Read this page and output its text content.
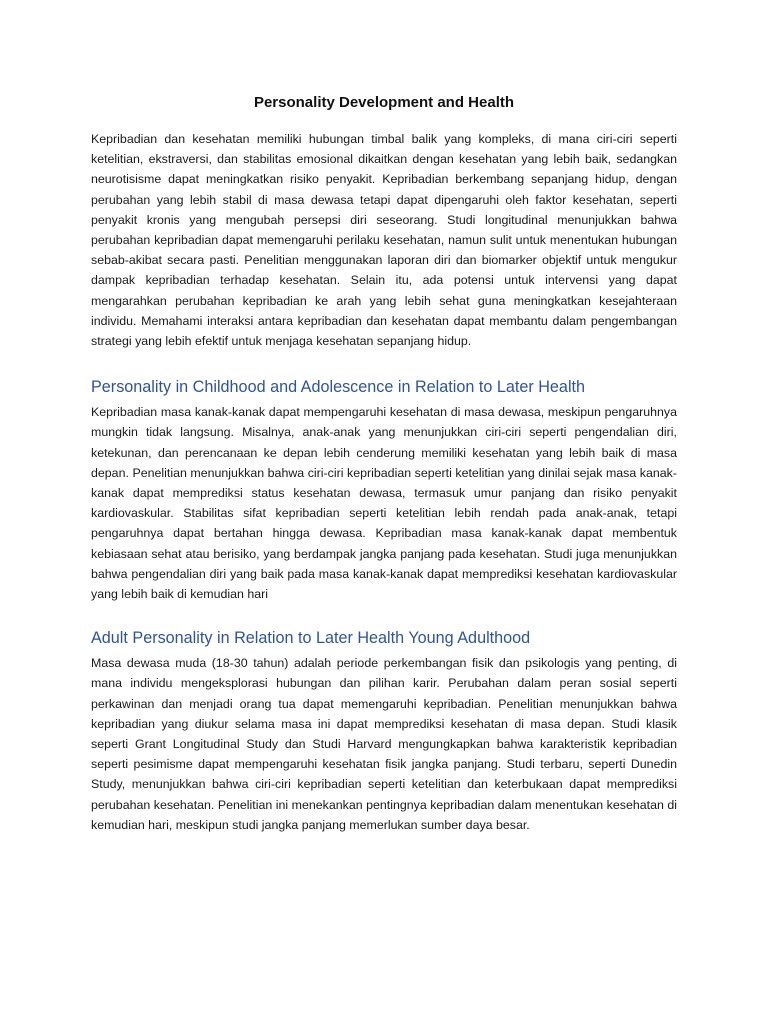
Personality Development and Health

Kepribadian dan kesehatan memiliki hubungan timbal balik yang kompleks, di mana ciri-ciri seperti ketelitian, ekstraversi, dan stabilitas emosional dikaitkan dengan kesehatan yang lebih baik, sedangkan neurotisisme dapat meningkatkan risiko penyakit. Kepribadian berkembang sepanjang hidup, dengan perubahan yang lebih stabil di masa dewasa tetapi dapat dipengaruhi oleh faktor kesehatan, seperti penyakit kronis yang mengubah persepsi diri seseorang. Studi longitudinal menunjukkan bahwa perubahan kepribadian dapat memengaruhi perilaku kesehatan, namun sulit untuk menentukan hubungan sebab-akibat secara pasti. Penelitian menggunakan laporan diri dan biomarker objektif untuk mengukur dampak kepribadian terhadap kesehatan. Selain itu, ada potensi untuk intervensi yang dapat mengarahkan perubahan kepribadian ke arah yang lebih sehat guna meningkatkan kesejahteraan individu. Memahami interaksi antara kepribadian dan kesehatan dapat membantu dalam pengembangan strategi yang lebih efektif untuk menjaga kesehatan sepanjang hidup.

Personality in Childhood and Adolescence in Relation to Later Health

Kepribadian masa kanak-kanak dapat mempengaruhi kesehatan di masa dewasa, meskipun pengaruhnya mungkin tidak langsung. Misalnya, anak-anak yang menunjukkan ciri-ciri seperti pengendalian diri, ketekunan, dan perencanaan ke depan lebih cenderung memiliki kesehatan yang lebih baik di masa depan. Penelitian menunjukkan bahwa ciri-ciri kepribadian seperti ketelitian yang dinilai sejak masa kanak-kanak dapat memprediksi status kesehatan dewasa, termasuk umur panjang dan risiko penyakit kardiovaskular. Stabilitas sifat kepribadian seperti ketelitian lebih rendah pada anak-anak, tetapi pengaruhnya dapat bertahan hingga dewasa. Kepribadian masa kanak-kanak dapat membentuk kebiasaan sehat atau berisiko, yang berdampak jangka panjang pada kesehatan. Studi juga menunjukkan bahwa pengendalian diri yang baik pada masa kanak-kanak dapat memprediksi kesehatan kardiovaskular yang lebih baik di kemudian hari

Adult Personality in Relation to Later Health Young Adulthood

Masa dewasa muda (18-30 tahun) adalah periode perkembangan fisik dan psikologis yang penting, di mana individu mengeksplorasi hubungan dan pilihan karir. Perubahan dalam peran sosial seperti perkawinan dan menjadi orang tua dapat memengaruhi kepribadian. Penelitian menunjukkan bahwa kepribadian yang diukur selama masa ini dapat memprediksi kesehatan di masa depan. Studi klasik seperti Grant Longitudinal Study dan Studi Harvard mengungkapkan bahwa karakteristik kepribadian seperti pesimisme dapat mempengaruhi kesehatan fisik jangka panjang. Studi terbaru, seperti Dunedin Study, menunjukkan bahwa ciri-ciri kepribadian seperti ketelitian dan keterbukaan dapat memprediksi perubahan kesehatan. Penelitian ini menekankan pentingnya kepribadian dalam menentukan kesehatan di kemudian hari, meskipun studi jangka panjang memerlukan sumber daya besar.
